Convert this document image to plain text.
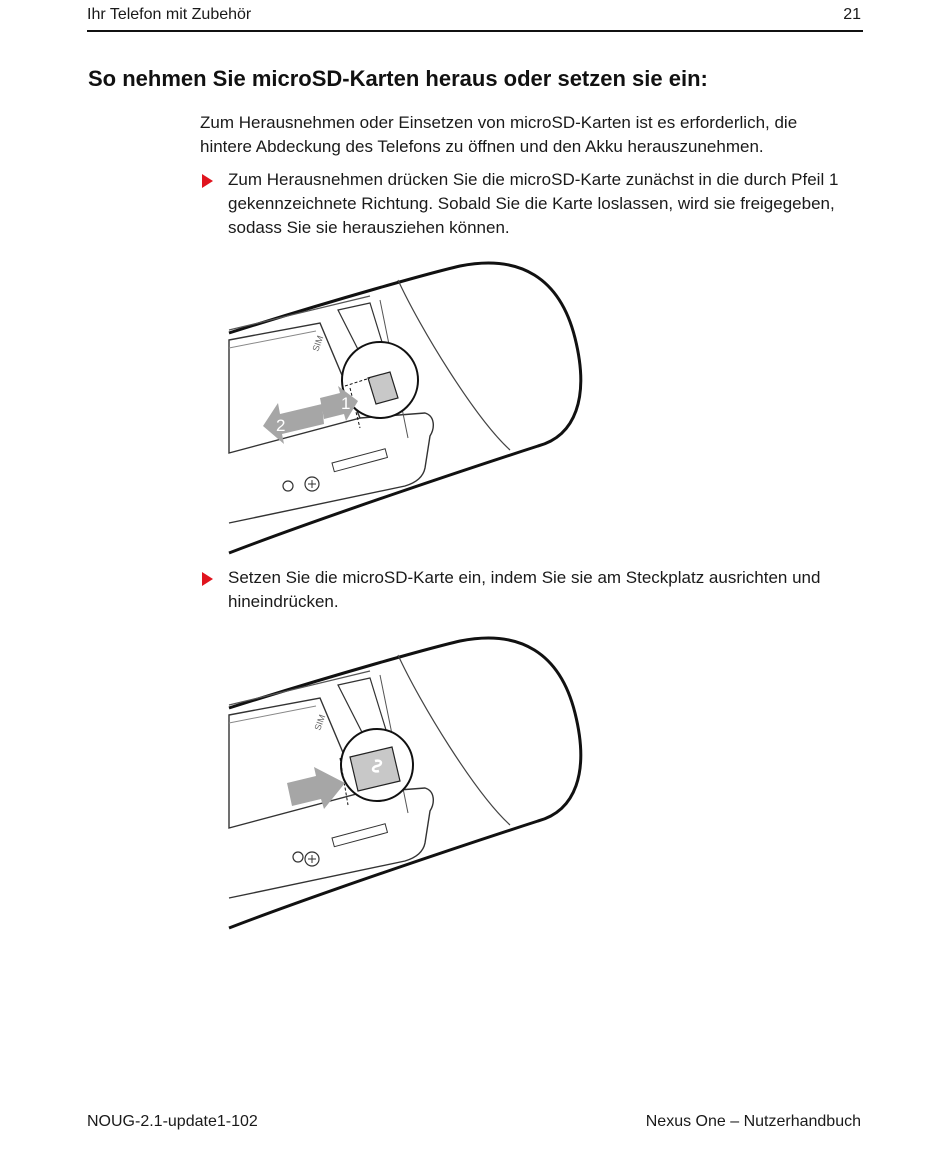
Ihr Telefon mit Zubehör	21
So nehmen Sie microSD-Karten heraus oder setzen sie ein:

Zum Herausnehmen oder Einsetzen von microSD-Karten ist es erforderlich, die hintere Abdeckung des Telefons zu öffnen und den Akku herauszunehmen.

Zum Herausnehmen drücken Sie die microSD-Karte zunächst in die durch Pfeil 1 gekennzeichnete Richtung. Sobald Sie die Karte loslassen, wird sie freigegeben, sodass Sie sie herausziehen können.
SIM
1
2
Setzen Sie die microSD-Karte ein, indem Sie sie am Steckplatz ausrichten und hineindrücken.
SIM
NOUG-2.1-update1-102	Nexus One – Nutzerhandbuch
